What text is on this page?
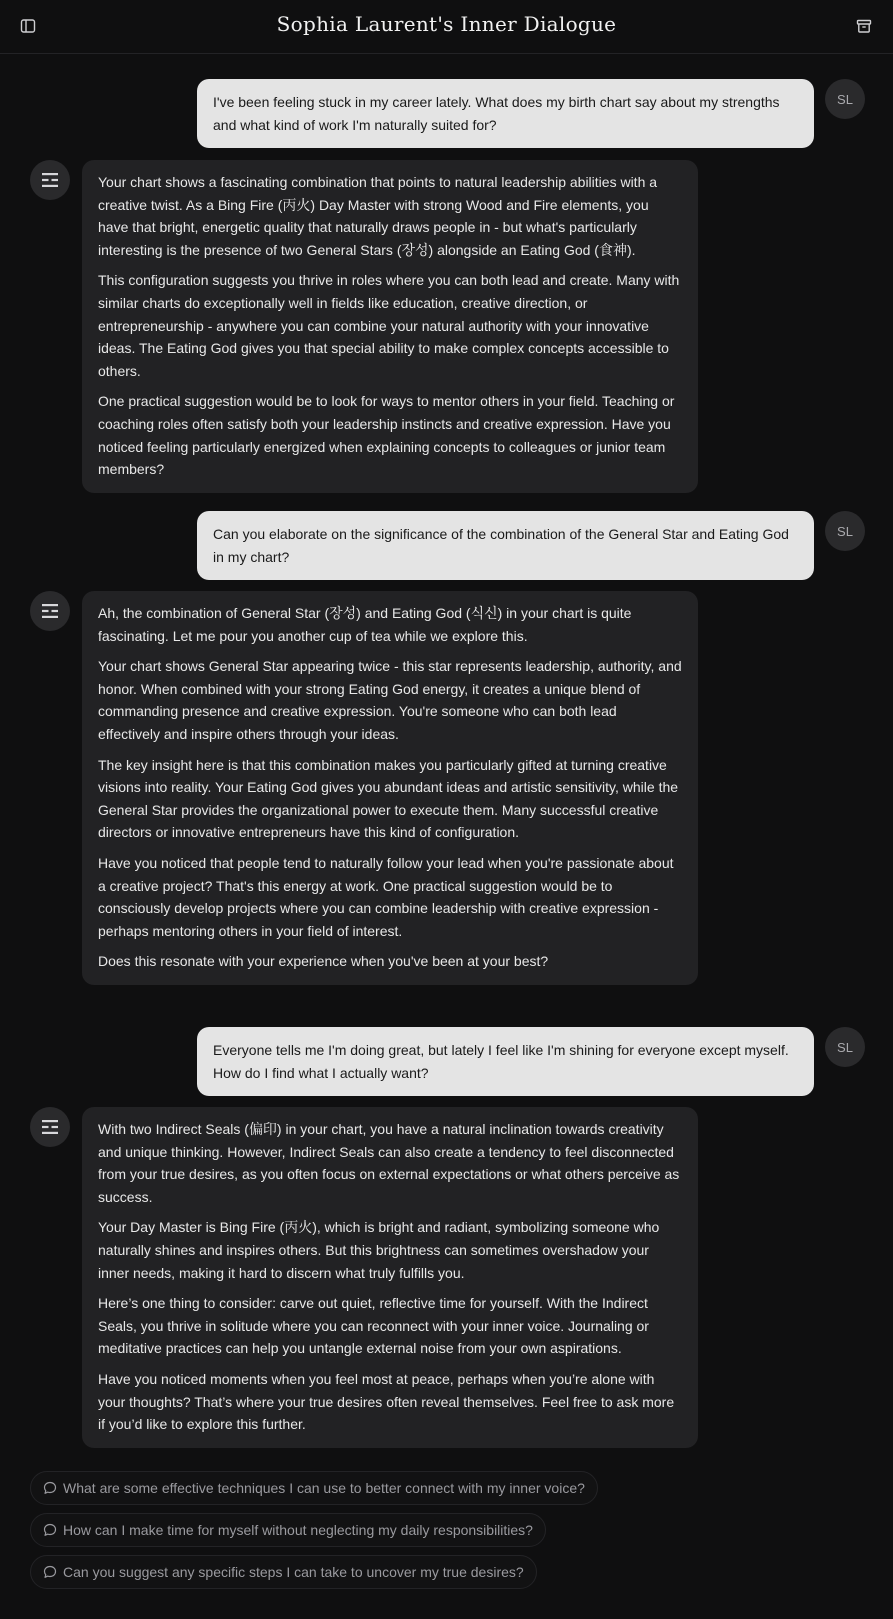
Sophia Laurent's Inner Dialogue
I've been feeling stuck in my career lately. What does my birth chart say about my strengths and what kind of work I'm naturally suited for?
SL

Your chart shows a fascinating combination that points to natural leadership abilities with a creative twist. As a Bing Fire (丙火) Day Master with strong Wood and Fire elements, you have that bright, energetic quality that naturally draws people in - but what's particularly interesting is the presence of two General Stars (장성) alongside an Eating God (食神).

This configuration suggests you thrive in roles where you can both lead and create. Many with similar charts do exceptionally well in fields like education, creative direction, or entrepreneurship - anywhere you can combine your natural authority with your innovative ideas. The Eating God gives you that special ability to make complex concepts accessible to others.

One practical suggestion would be to look for ways to mentor others in your field. Teaching or coaching roles often satisfy both your leadership instincts and creative expression. Have you noticed feeling particularly energized when explaining concepts to colleagues or junior team members?

Can you elaborate on the significance of the combination of the General Star and Eating God in my chart?
SL

Ah, the combination of General Star (장성) and Eating God (식신) in your chart is quite fascinating. Let me pour you another cup of tea while we explore this.

Your chart shows General Star appearing twice - this star represents leadership, authority, and honor. When combined with your strong Eating God energy, it creates a unique blend of commanding presence and creative expression. You're someone who can both lead effectively and inspire others through your ideas.

The key insight here is that this combination makes you particularly gifted at turning creative visions into reality. Your Eating God gives you abundant ideas and artistic sensitivity, while the General Star provides the organizational power to execute them. Many successful creative directors or innovative entrepreneurs have this kind of configuration.

Have you noticed that people tend to naturally follow your lead when you're passionate about a creative project? That's this energy at work. One practical suggestion would be to consciously develop projects where you can combine leadership with creative expression - perhaps mentoring others in your field of interest.

Does this resonate with your experience when you've been at your best?

Everyone tells me I'm doing great, but lately I feel like I'm shining for everyone except myself. How do I find what I actually want?
SL

With two Indirect Seals (偏印) in your chart, you have a natural inclination towards creativity and unique thinking. However, Indirect Seals can also create a tendency to feel disconnected from your true desires, as you often focus on external expectations or what others perceive as success.

Your Day Master is Bing Fire (丙火), which is bright and radiant, symbolizing someone who naturally shines and inspires others. But this brightness can sometimes overshadow your inner needs, making it hard to discern what truly fulfills you.

Here’s one thing to consider: carve out quiet, reflective time for yourself. With the Indirect Seals, you thrive in solitude where you can reconnect with your inner voice. Journaling or meditative practices can help you untangle external noise from your own aspirations.

Have you noticed moments when you feel most at peace, perhaps when you’re alone with your thoughts? That’s where your true desires often reveal themselves. Feel free to ask more if you’d like to explore this further.

What are some effective techniques I can use to better connect with my inner voice?
How can I make time for myself without neglecting my daily responsibilities?
Can you suggest any specific steps I can take to uncover my true desires?
